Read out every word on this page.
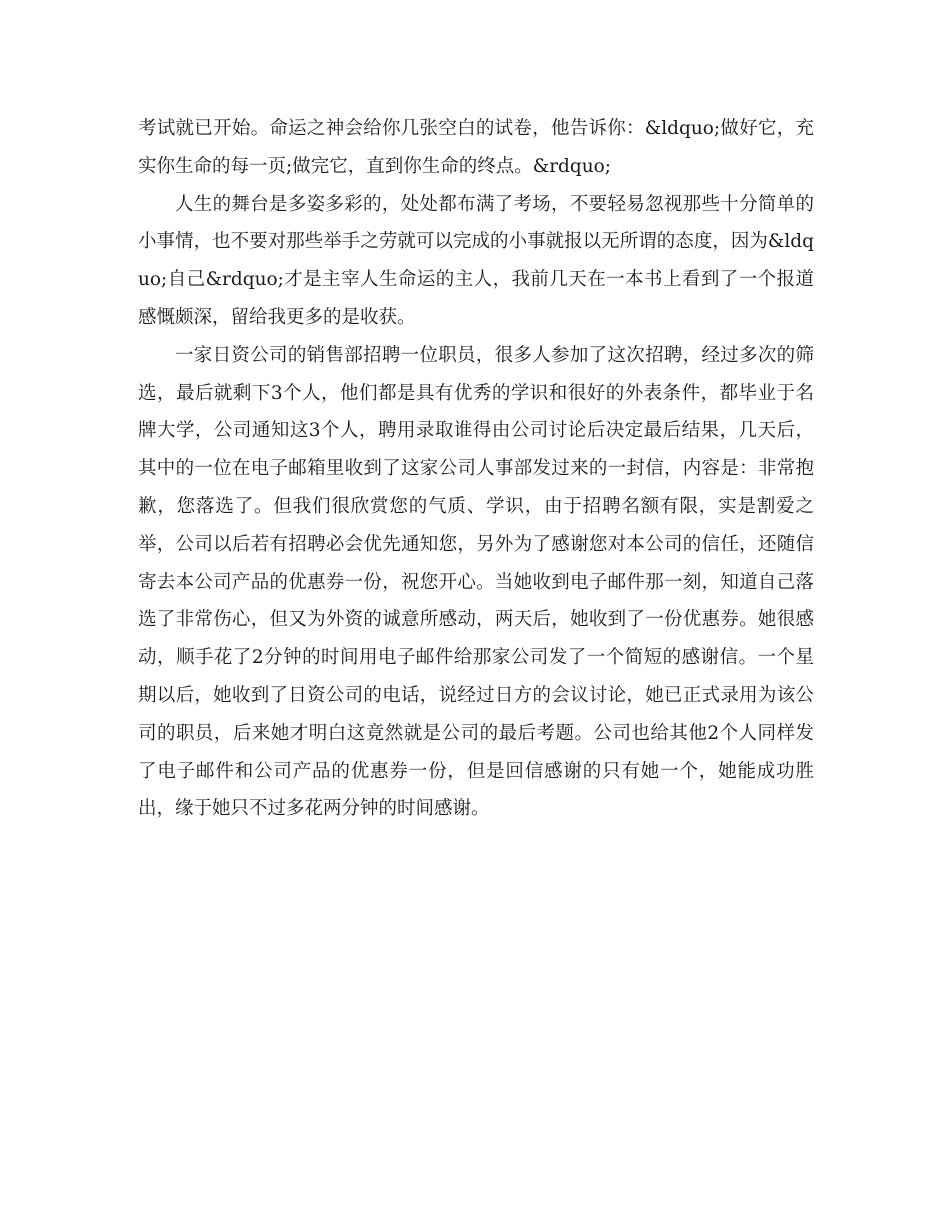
考试就已开始。命运之神会给你几张空白的试卷，他告诉你：&ldquo;做好它，充实你生命的每一页;做完它，直到你生命的终点。&rdquo;

人生的舞台是多姿多彩的，处处都布满了考场，不要轻易忽视那些十分简单的小事情，也不要对那些举手之劳就可以完成的小事就报以无所谓的态度，因为&ldquo;自己&rdquo;才是主宰人生命运的主人，我前几天在一本书上看到了一个报道感慨颇深，留给我更多的是收获。

一家日资公司的销售部招聘一位职员，很多人参加了这次招聘，经过多次的筛选，最后就剩下3个人，他们都是具有优秀的学识和很好的外表条件，都毕业于名牌大学，公司通知这3个人，聘用录取谁得由公司讨论后决定最后结果，几天后，其中的一位在电子邮箱里收到了这家公司人事部发过来的一封信，内容是：非常抱歉，您落选了。但我们很欣赏您的气质、学识，由于招聘名额有限，实是割爱之举，公司以后若有招聘必会优先通知您，另外为了感谢您对本公司的信任，还随信寄去本公司产品的优惠券一份，祝您开心。当她收到电子邮件那一刻，知道自己落选了非常伤心，但又为外资的诚意所感动，两天后，她收到了一份优惠券。她很感动，顺手花了2分钟的时间用电子邮件给那家公司发了一个简短的感谢信。一个星期以后，她收到了日资公司的电话，说经过日方的会议讨论，她已正式录用为该公司的职员，后来她才明白这竟然就是公司的最后考题。公司也给其他2个人同样发了电子邮件和公司产品的优惠券一份，但是回信感谢的只有她一个，她能成功胜出，缘于她只不过多花两分钟的时间感谢。
